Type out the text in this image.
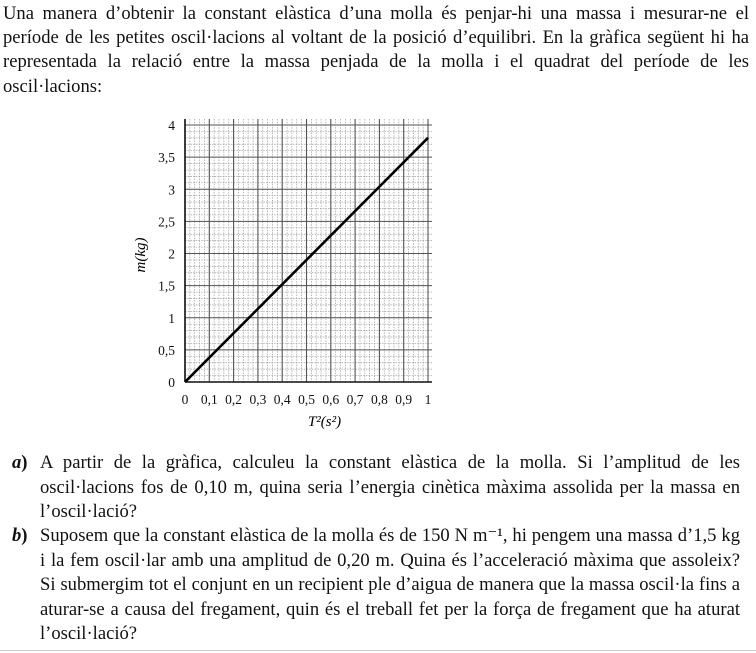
Una manera d’obtenir la constant elàstica d’una molla és penjar-hi una massa i mesurar-ne el període de les petites oscil·lacions al voltant de la posició d’equilibri. En la gràfica següent hi ha representada la relació entre la massa penjada de la molla i el quadrat del període de les oscil·lacions:

0 0,1 0,2 0,3 0,4 0,5 0,6 0,7 0,8 0,9 1
0
0,5
1
1,5
2
2,5
3
3,5
4
T²(s²)
m(kg)
a) A partir de la gràfica, calculeu la constant elàstica de la molla. Si l’amplitud de les oscil·lacions fos de 0,10 m, quina seria l’energia cinètica màxima assolida per la massa en l’oscil·lació?
b) Suposem que la constant elàstica de la molla és de 150 N m⁻¹, hi pengem una massa d’1,5 kg i la fem oscil·lar amb una amplitud de 0,20 m. Quina és l’acceleració màxima que assoleix? Si submergim tot el conjunt en un recipient ple d’aigua de manera que la massa oscil·la fins a aturar-se a causa del fregament, quin és el treball fet per la força de fregament que ha aturat l’oscil·lació?
